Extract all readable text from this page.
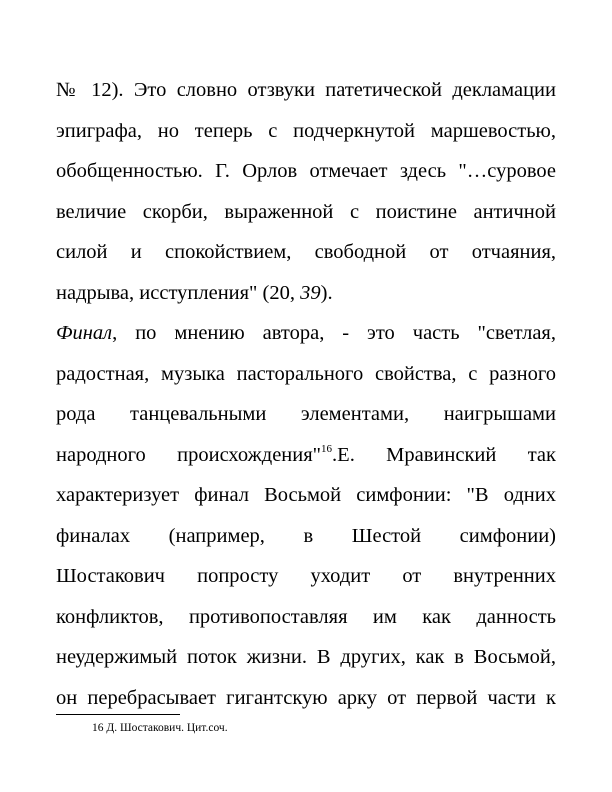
№ 12). Это словно отзвуки патетической декламации
эпиграфа, но теперь с подчеркнутой маршевостью,
обобщенностью. Г. Орлов отмечает здесь "…суровое
величие скорби, выраженной с поистине античной
силой и спокойствием, свободной от отчаяния,
надрыва, исступления" (20, 39).
Финал, по мнению автора, - это часть "светлая,
радостная, музыка пасторального свойства, с разного
рода танцевальными элементами, наигрышами
народного происхождения"$^{16}$.Е. Мравинский так
характеризует финал Восьмой симфонии: "В одних
финалах (например, в Шестой симфонии)
Шостакович попросту уходит от внутренних
конфликтов, противопоставляя им как данность
неудержимый поток жизни. В других, как в Восьмой,
он перебрасывает гигантскую арку от первой части к
16 Д. Шостакович. Цит.соч.
